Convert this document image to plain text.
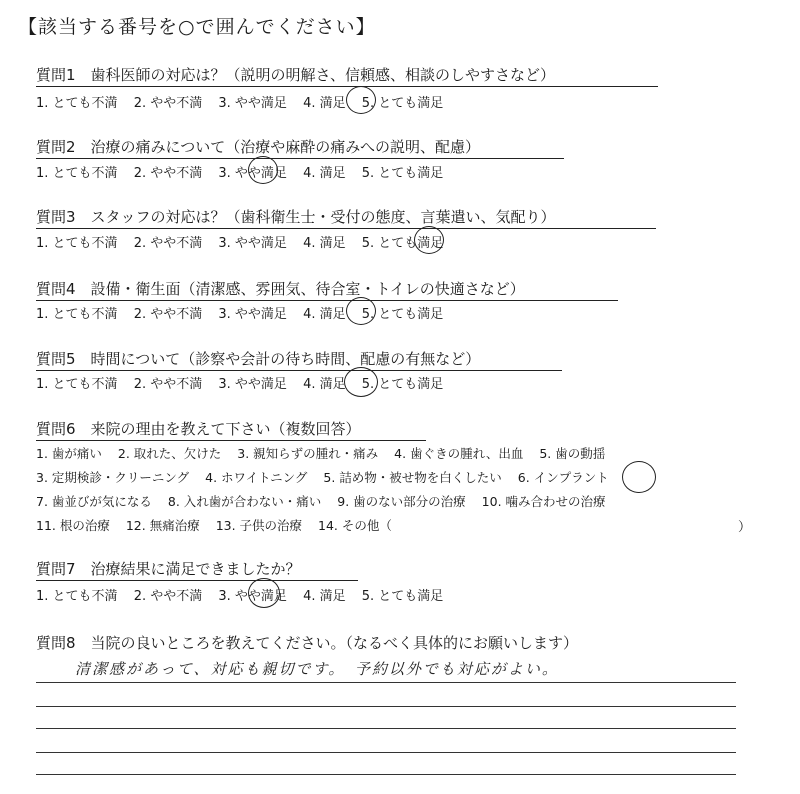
【該当する番号を○で囲んでください】
質問1　歯科医師の対応は？（説明の明解さ、信頼感、相談のしやすさなど）
1. とても不満 2. やや不満 3. やや満足 4. 満足 5. とても満足
質問2　治療の痛みについて（治療や麻酔の痛みへの説明、配慮）
1. とても不満 2. やや不満 3. やや満足 4. 満足 5. とても満足
質問3　スタッフの対応は？（歯科衛生士・受付の態度、言葉遣い、気配り）
1. とても不満 2. やや不満 3. やや満足 4. 満足 5. とても満足
質問4　設備・衛生面（清潔感、雰囲気、待合室・トイレの快適さなど）
1. とても不満 2. やや不満 3. やや満足 4. 満足 5. とても満足
質問5　時間について（診察や会計の待ち時間、配慮の有無など）
1. とても不満 2. やや不満 3. やや満足 4. 満足 5. とても満足
質問6　来院の理由を教えて下さい（複数回答）
1. 歯が痛い 2. 取れた、欠けた 3. 親知らずの腫れ・痛み 4. 歯ぐきの腫れ、出血 5. 歯の動揺
3. 定期検診・クリーニング 4. ホワイトニング 5. 詰め物・被せ物を白くしたい 6. インプラント
7. 歯並びが気になる 8. 入れ歯が合わない・痛い 9. 歯のない部分の治療 10. 噛み合わせの治療
11. 根の治療 12. 無痛治療 13. 子供の治療 14. その他（	）
質問7　治療結果に満足できましたか？
1. とても不満 2. やや不満 3. やや満足 4. 満足 5. とても満足
質問8　当院の良いところを教えてください。（なるべく具体的にお願いします）
清潔感があって、対応も親切です。　予約以外でも対応がよい。
